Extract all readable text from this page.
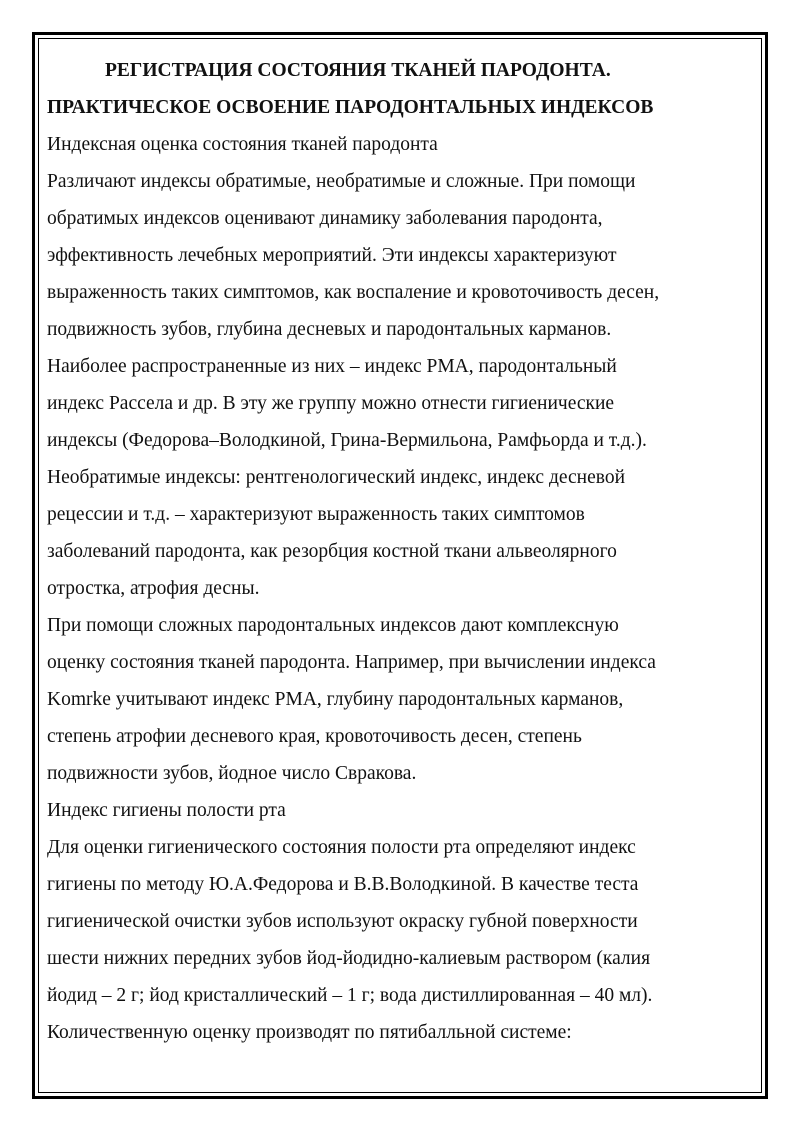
РЕГИСТРАЦИЯ СОСТОЯНИЯ ТКАНЕЙ ПАРОДОНТА.

ПРАКТИЧЕСКОЕ ОСВОЕНИЕ ПАРОДОНТАЛЬНЫХ ИНДЕКСОВ

Индексная оценка состояния тканей пародонта

Различают индексы обратимые, необратимые и сложные. При помощи

обратимых индексов оценивают динамику заболевания пародонта,

эффективность лечебных мероприятий. Эти индексы характеризуют

выраженность таких симптомов, как воспаление и кровоточивость десен,

подвижность зубов, глубина десневых и пародонтальных карманов.

Наиболее распространенные из них – индекс РМА, пародонтальный

индекс Рассела и др. В эту же группу можно отнести гигиенические

индексы (Федорова–Володкиной, Грина-Вермильона, Рамфьорда и т.д.).

Необратимые индексы: рентгенологический индекс, индекс десневой

рецессии и т.д. – характеризуют выраженность таких симптомов

заболеваний пародонта, как резорбция костной ткани альвеолярного

отростка, атрофия десны.

При помощи сложных пародонтальных индексов дают комплексную

оценку состояния тканей пародонта. Например, при вычислении индекса

Komrke учитывают индекс РМА, глубину пародонтальных карманов,

степень атрофии десневого края, кровоточивость десен, степень

подвижности зубов, йодное число Свракова.

Индекс гигиены полости рта

Для оценки гигиенического состояния полости рта определяют индекс

гигиены по методу Ю.А.Федорова и В.В.Володкиной. В качестве теста

гигиенической очистки зубов используют окраску губной поверхности

шести нижних передних зубов йод-йодидно-калиевым раствором (калия

йодид – 2 г; йод кристаллический – 1 г; вода дистиллированная – 40 мл).

Количественную оценку производят по пятибалльной системе:
